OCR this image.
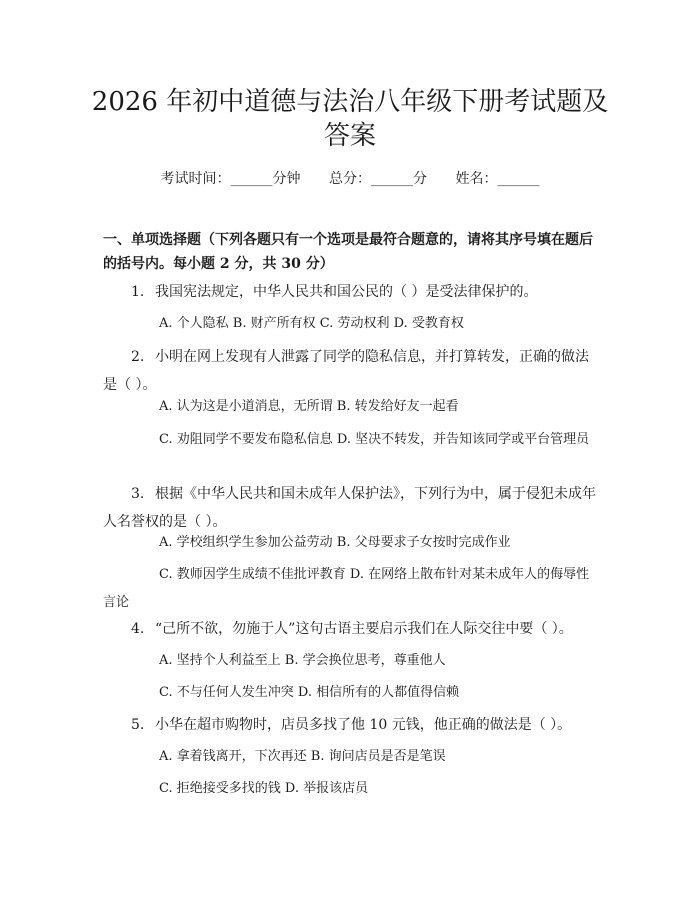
2026 年初中道德与法治八年级下册考试题及
答案
考试时间：______分钟 总分：______分 姓名：______

一、单项选择题（下列各题只有一个选项是最符合题意的，请将其序号填在题后的括号内。每小题 2 分，共 30 分）

1. 我国宪法规定，中华人民共和国公民的（ ）是受法律保护的。

A. 个人隐私 B. 财产所有权 C. 劳动权利 D. 受教育权

2. 小明在网上发现有人泄露了同学的隐私信息，并打算转发，正确的做法是（ ）。

A. 认为这是小道消息，无所谓 B. 转发给好友一起看

C. 劝阻同学不要发布隐私信息 D. 坚决不转发，并告知该同学或平台管理员

3. 根据《中华人民共和国未成年人保护法》，下列行为中，属于侵犯未成年人名誉权的是（ ）。

A. 学校组织学生参加公益劳动 B. 父母要求子女按时完成作业

C. 教师因学生成绩不佳批评教育 D. 在网络上散布针对某未成年人的侮辱性言论

4. “己所不欲，勿施于人”这句古语主要启示我们在人际交往中要（ ）。

A. 坚持个人利益至上 B. 学会换位思考，尊重他人

C. 不与任何人发生冲突 D. 相信所有的人都值得信赖

5. 小华在超市购物时，店员多找了他 10 元钱，他正确的做法是（ ）。

A. 拿着钱离开，下次再还 B. 询问店员是否是笔误

C. 拒绝接受多找的钱 D. 举报该店员
